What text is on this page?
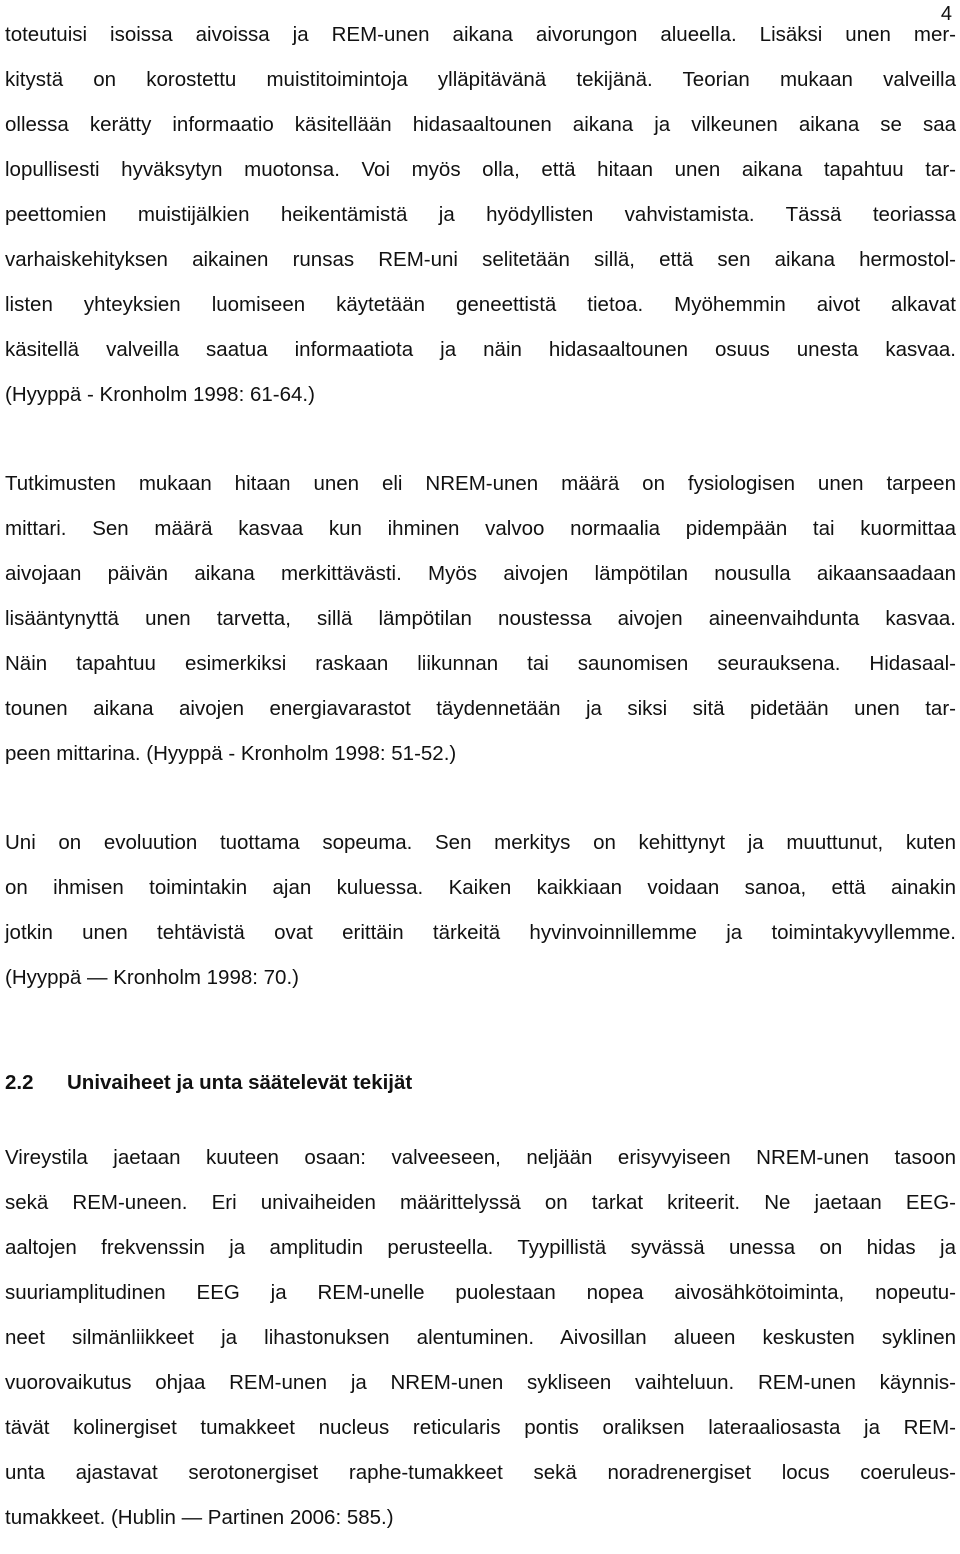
4

toteutuisi isoissa aivoissa ja REM-unen aikana aivorungon alueella. Lisäksi unen mer-
kitystä on korostettu muistitoimintoja ylläpitävänä tekijänä. Teorian mukaan valveilla
ollessa kerätty informaatio käsitellään hidasaaltounen aikana ja vilkeunen aikana se saa
lopullisesti hyväksytyn muotonsa. Voi myös olla, että hitaan unen aikana tapahtuu tar-
peettomien muistijälkien heikentämistä ja hyödyllisten vahvistamista. Tässä teoriassa
varhaiskehityksen aikainen runsas REM-uni selitetään sillä, että sen aikana hermostol-
listen yhteyksien luomiseen käytetään geneettistä tietoa. Myöhemmin aivot alkavat
käsitellä valveilla saatua informaatiota ja näin hidasaaltounen osuus unesta kasvaa.
(Hyyppä - Kronholm 1998: 61-64.)

Tutkimusten mukaan hitaan unen eli NREM-unen määrä on fysiologisen unen tarpeen
mittari. Sen määrä kasvaa kun ihminen valvoo normaalia pidempään tai kuormittaa
aivojaan päivän aikana merkittävästi. Myös aivojen lämpötilan nousulla aikaansaadaan
lisääntynyttä unen tarvetta, sillä lämpötilan noustessa aivojen aineenvaihdunta kasvaa.
Näin tapahtuu esimerkiksi raskaan liikunnan tai saunomisen seurauksena. Hidasaal-
tounen aikana aivojen energiavarastot täydennetään ja siksi sitä pidetään unen tar-
peen mittarina. (Hyyppä - Kronholm 1998: 51-52.)

Uni on evoluution tuottama sopeuma. Sen merkitys on kehittynyt ja muuttunut, kuten
on ihmisen toimintakin ajan kuluessa. Kaiken kaikkiaan voidaan sanoa, että ainakin
jotkin unen tehtävistä ovat erittäin tärkeitä hyvinvoinnillemme ja toimintakyvyllemme.
(Hyyppä — Kronholm 1998: 70.)

2.2	Univaiheet ja unta säätelevät tekijät

Vireystila jaetaan kuuteen osaan: valveeseen, neljään erisyvyiseen NREM-unen tasoon
sekä REM-uneen. Eri univaiheiden määrittelyssä on tarkat kriteerit. Ne jaetaan EEG-
aaltojen frekvenssin ja amplitudin perusteella. Tyypillistä syvässä unessa on hidas ja
suuriamplitudinen EEG ja REM-unelle puolestaan nopea aivosähkötoiminta, nopeutu-
neet silmänliikkeet ja lihastonuksen alentuminen. Aivosillan alueen keskusten syklinen
vuorovaikutus ohjaa REM-unen ja NREM-unen sykliseen vaihteluun. REM-unen käynnis-
tävät kolinergiset tumakkeet nucleus reticularis pontis oraliksen lateraaliosasta ja REM-
unta ajastavat serotonergiset raphe-tumakkeet sekä noradrenergiset locus coeruleus-
tumakkeet. (Hublin — Partinen 2006: 585.)
